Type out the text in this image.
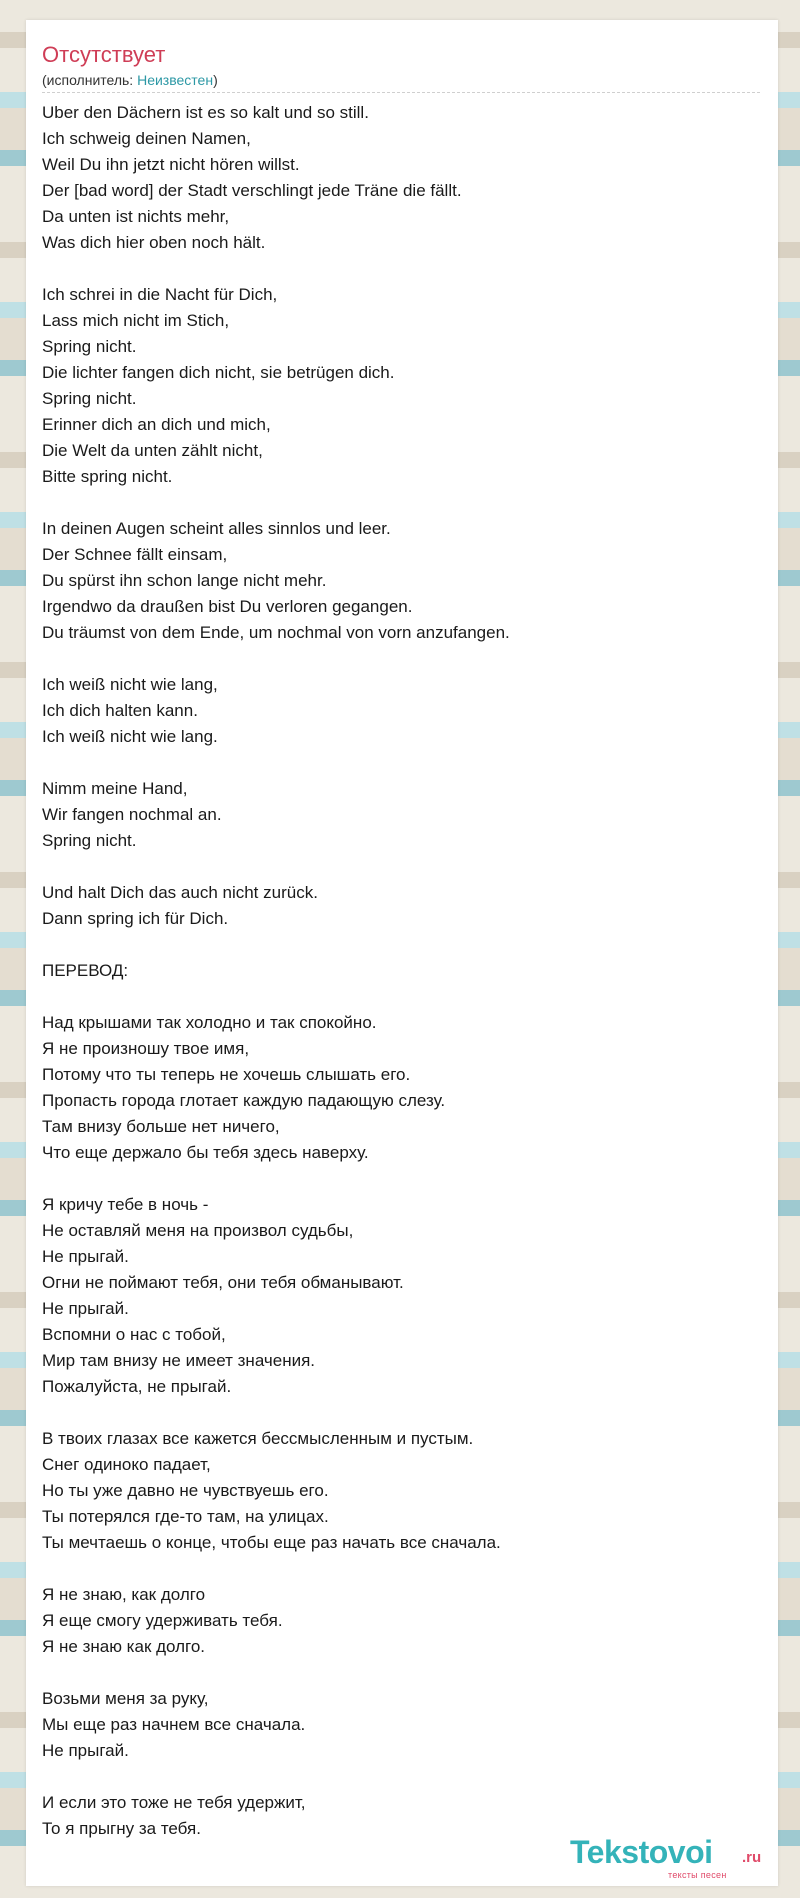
Отсутствует
(исполнитель: Неизвестен)
Uber den Dächern ist es so kalt und so still.
Ich schweig deinen Namen,
Weil Du ihn jetzt nicht hören willst.
Der [bad word] der Stadt verschlingt jede Träne die fällt.
Da unten ist nichts mehr,
Was dich hier oben noch hält.

Ich schrei in die Nacht für Dich,
Lass mich nicht im Stich,
Spring nicht.
Die lichter fangen dich nicht, sie betrügen dich.
Spring nicht.
Erinner dich an dich und mich,
Die Welt da unten zählt nicht,
Bitte spring nicht.

In deinen Augen scheint alles sinnlos und leer.
Der Schnee fällt einsam,
Du spürst ihn schon lange nicht mehr.
Irgendwo da draußen bist Du verloren gegangen.
Du träumst von dem Ende, um nochmal von vorn anzufangen.

Ich weiß nicht wie lang,
Ich dich halten kann.
Ich weiß nicht wie lang.

Nimm meine Hand,
Wir fangen nochmal an.
Spring nicht.

Und halt Dich das auch nicht zurück.
Dann spring ich für Dich.

ПЕРЕВОД:

Над крышами так холодно и так спокойно.
Я не произношу твое имя,
Потому что ты теперь не хочешь слышать его.
Пропасть города глотает каждую падающую слезу.
Там внизу больше нет ничего,
Что еще держало бы тебя здесь наверху.

Я кричу тебе в ночь -
Не оставляй меня на произвол судьбы,
Не прыгай.
Огни не поймают тебя, они тебя обманывают.
Не прыгай.
Вспомни о нас с тобой,
Мир там внизу не имеет значения.
Пожалуйста, не прыгай.

В твоих глазах все кажется бессмысленным и пустым.
Снег одиноко падает,
Но ты уже давно не чувствуешь его.
Ты потерялся где-то там, на улицах.
Ты мечтаешь о конце, чтобы еще раз начать все сначала.

Я не знаю, как долго
Я еще смогу удерживать тебя.
Я не знаю как долго.

Возьми меня за руку,
Мы еще раз начнем все сначала.
Не прыгай.

И если это тоже не тебя удержит,
То я прыгну за тебя.
Tekstovoi .ru
тексты песен
